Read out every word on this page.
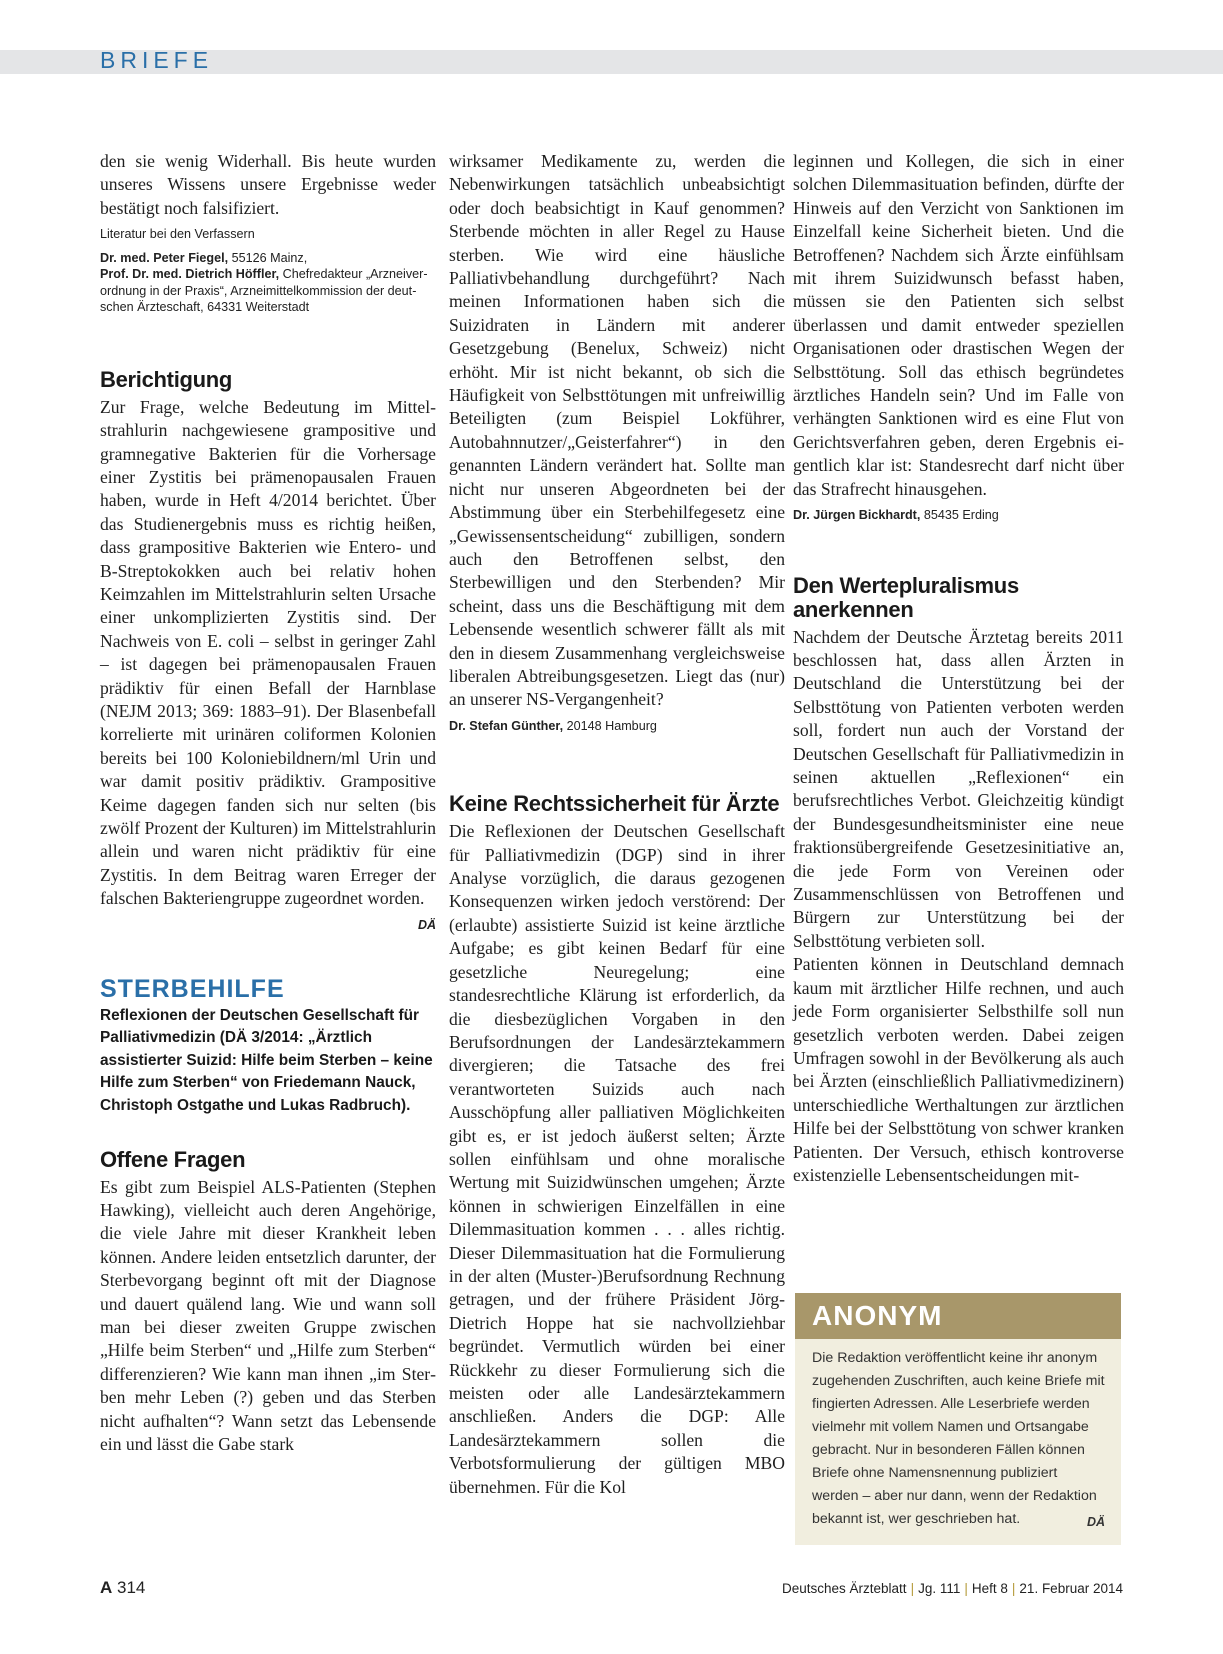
BRIEFE

den sie wenig Widerhall. Bis heute wurden unseres Wissens unsere Ergebnisse weder bestätigt noch falsifiziert.

Literatur bei den Verfassern

Dr. med. Peter Fiegel, 55126 Mainz,
Prof. Dr. med. Dietrich Höffler, Chefredakteur „Arzneiverordnung in der Praxis“, Arzneimittelkommission der deutschen Ärzteschaft, 64331 Weiterstadt

Berichtigung

Zur Frage, welche Bedeutung im Mittelstrahlurin nachgewiesene grampositive und gramnegative Bakterien für die Vorhersage einer Zystitis bei prämenopausalen Frauen haben, wurde in Heft 4/2014 berichtet. Über das Studienergebnis muss es richtig heißen, dass grampositive Bakterien wie Entero- und B-Streptokokken auch bei relativ hohen Keimzahlen im Mittelstrahlurin selten Ursache einer unkomplizierten Zystitis sind. Der Nachweis von E. coli – selbst in geringer Zahl – ist dagegen bei prämenopausalen Frauen prädiktiv für einen Befall der Harnblase (NEJM 2013; 369: 1883–91). Der Blasenbefall korrelierte mit urinären coliformen Kolonien bereits bei 100 Koloniebildnern/ml Urin und war damit positiv prädiktiv. Grampositive Keime dagegen fanden sich nur selten (bis zwölf Prozent der Kulturen) im Mittelstrahlurin allein und waren nicht prädiktiv für eine Zystitis. In dem Beitrag waren Erreger der falschen Bakteriengruppe zugeordnet worden.
DÄ

STERBEHILFE

Reflexionen der Deutschen Gesellschaft für Palliativmedizin (DÄ 3/2014: „Ärztlich assistierter Suizid: Hilfe beim Sterben – keine Hilfe zum Sterben“ von Friedemann Nauck, Christoph Ostgathe und Lukas Radbruch).

Offene Fragen

Es gibt zum Beispiel ALS-Patienten (Stephen Hawking), vielleicht auch deren Angehörige, die viele Jahre mit dieser Krankheit leben können. Andere leiden entsetzlich darunter, der Sterbevorgang beginnt oft mit der Diagnose und dauert quälend lang. Wie und wann soll man bei dieser zweiten Gruppe zwischen „Hilfe beim Sterben“ und „Hilfe zum Sterben“ differenzieren? Wie kann man ihnen „im Sterben mehr Leben (?) geben und das Sterben nicht aufhalten“? Wann setzt das Lebensende ein und lässt die Gabe stark

wirksamer Medikamente zu, werden die Nebenwirkungen tatsächlich unbeabsichtigt oder doch beabsichtigt in Kauf genommen? Sterbende möchten in aller Regel zu Hause sterben. Wie wird eine häusliche Palliativbehandlung durchgeführt? Nach meinen Informationen haben sich die Suizidraten in Ländern mit anderer Gesetzgebung (Benelux, Schweiz) nicht erhöht. Mir ist nicht bekannt, ob sich die Häufigkeit von Selbsttötungen mit unfreiwillig Beteiligten (zum Beispiel Lokführer, Autobahnnutzer/„Geisterfahrer“) in den genannten Ländern verändert hat. Sollte man nicht nur unseren Abgeordneten bei der Abstimmung über ein Sterbehilfegesetz eine „Gewissensentscheidung“ zubilligen, sondern auch den Betroffenen selbst, den Sterbewilligen und den Sterbenden? Mir scheint, dass uns die Beschäftigung mit dem Lebensende wesentlich schwerer fällt als mit den in diesem Zusammenhang vergleichsweise liberalen Abtreibungsgesetzen. Liegt das (nur) an unserer NS-Vergangenheit?

Dr. Stefan Günther, 20148 Hamburg

Keine Rechtssicherheit für Ärzte

Die Reflexionen der Deutschen Gesellschaft für Palliativmedizin (DGP) sind in ihrer Analyse vorzüglich, die daraus gezogenen Konsequenzen wirken jedoch verstörend: Der (erlaubte) assistierte Suizid ist keine ärztliche Aufgabe; es gibt keinen Bedarf für eine gesetzliche Neuregelung; eine standesrechtliche Klärung ist erforderlich, da die diesbezüglichen Vorgaben in den Berufsordnungen der Landesärztekammern divergieren; die Tatsache des frei verantworteten Suizids auch nach Ausschöpfung aller palliativen Möglichkeiten gibt es, er ist jedoch äußerst selten; Ärzte sollen einfühlsam und ohne moralische Wertung mit Suizidwünschen umgehen; Ärzte können in schwierigen Einzelfällen in eine Dilemmasituation kommen . . . alles richtig. Dieser Dilemmasituation hat die Formulierung in der alten (Muster-)Berufsordnung Rechnung getragen, und der frühere Präsident Jörg-Dietrich Hoppe hat sie nachvollziehbar begründet. Vermutlich würden bei einer Rückkehr zu dieser Formulierung sich die meisten oder alle Landesärztekammern anschließen. Anders die DGP: Alle Landesärztekammern sollen die Verbotsformulierung der gültigen MBO übernehmen. Für die Kol

leginnen und Kollegen, die sich in einer solchen Dilemmasituation befinden, dürfte der Hinweis auf den Verzicht von Sanktionen im Einzelfall keine Sicherheit bieten. Und die Betroffenen? Nachdem sich Ärzte einfühlsam mit ihrem Suizidwunsch befasst haben, müssen sie den Patienten sich selbst überlassen und damit entweder speziellen Organisationen oder drastischen Wegen der Selbsttötung. Soll das ethisch begründetes ärztliches Handeln sein? Und im Falle von verhängten Sanktionen wird es eine Flut von Gerichtsverfahren geben, deren Ergebnis eigentlich klar ist: Standesrecht darf nicht über das Strafrecht hinausgehen.

Dr. Jürgen Bickhardt, 85435 Erding

Den Wertepluralismus anerkennen

Nachdem der Deutsche Ärztetag bereits 2011 beschlossen hat, dass allen Ärzten in Deutschland die Unterstützung bei der Selbsttötung von Patienten verboten werden soll, fordert nun auch der Vorstand der Deutschen Gesellschaft für Palliativmedizin in seinen aktuellen „Reflexionen“ ein berufsrechtliches Verbot. Gleichzeitig kündigt der Bundesgesundheitsminister eine neue fraktionsübergreifende Gesetzesinitiative an, die jede Form von Vereinen oder Zusammenschlüssen von Betroffenen und Bürgern zur Unterstützung bei der Selbsttötung verbieten soll.

Patienten können in Deutschland demnach kaum mit ärztlicher Hilfe rechnen, und auch jede Form organisierter Selbsthilfe soll nun gesetzlich verboten werden. Dabei zeigen Umfragen sowohl in der Bevölkerung als auch bei Ärzten (einschließlich Palliativmedizinern) unterschiedliche Werthaltungen zur ärztlichen Hilfe bei der Selbsttötung von schwer kranken Patienten. Der Versuch, ethisch kontroverse existenzielle Lebensentscheidungen mit-

ANONYM

Die Redaktion veröffentlicht keine ihr anonym zugehenden Zuschriften, auch keine Briefe mit fingierten Adressen. Alle Leserbriefe werden vielmehr mit vollem Namen und Ortsangabe gebracht. Nur in besonderen Fällen können Briefe ohne Namensnennung publiziert werden – aber nur dann, wenn der Redaktion bekannt ist, wer geschrieben hat.	DÄ

A 314	Deutsches Ärzteblatt | Jg. 111 | Heft 8 | 21. Februar 2014
